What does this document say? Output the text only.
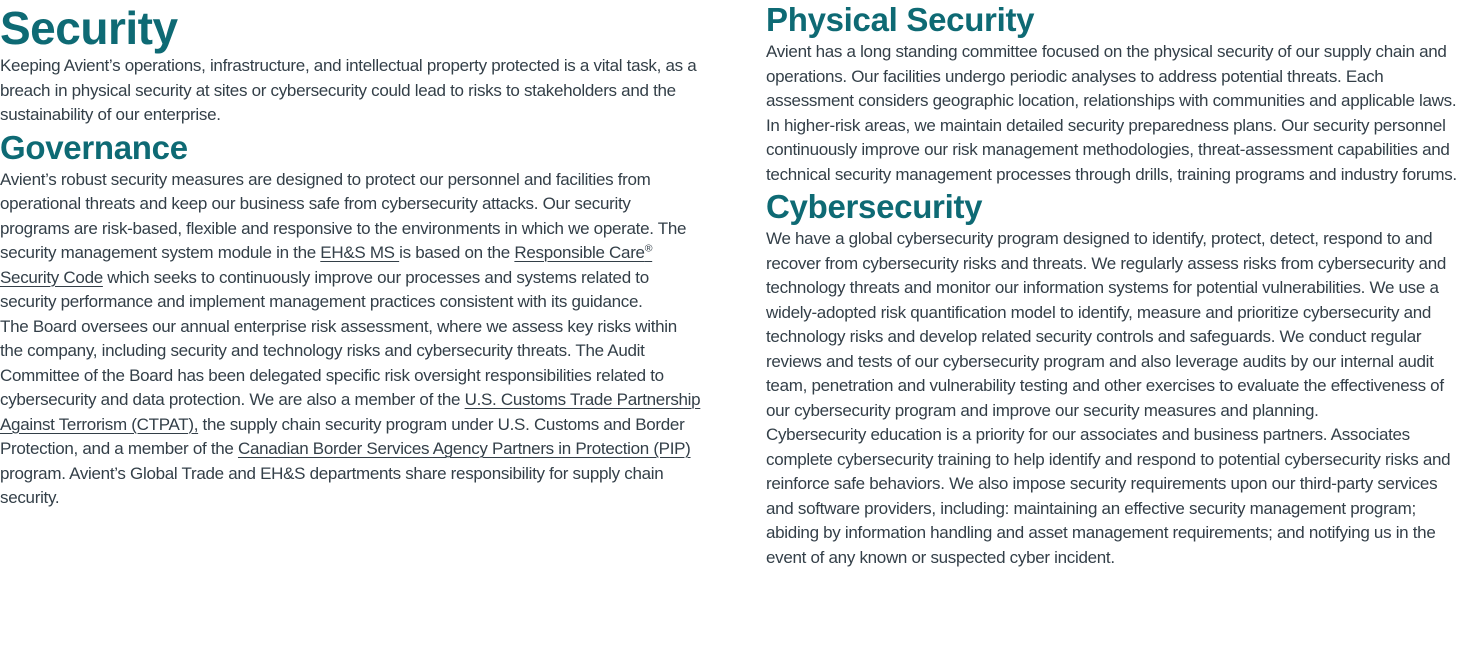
Security

Keeping Avient’s operations, infrastructure, and intellectual property protected is a vital task, as a breach in physical security at sites or cybersecurity could lead to risks to stakeholders and the sustainability of our enterprise.

Governance

Avient’s robust security measures are designed to protect our personnel and facilities from operational threats and keep our business safe from cybersecurity attacks. Our security programs are risk-based, flexible and responsive to the environments in which we operate. The security management system module in the EH&S MS is based on the Responsible Care® Security Code which seeks to continuously improve our processes and systems related to security performance and implement management practices consistent with its guidance.

The Board oversees our annual enterprise risk assessment, where we assess key risks within the company, including security and technology risks and cybersecurity threats. The Audit Committee of the Board has been delegated specific risk oversight responsibilities related to cybersecurity and data protection. We are also a member of the U.S. Customs Trade Partnership Against Terrorism (CTPAT), the supply chain security program under U.S. Customs and Border Protection, and a member of the Canadian Border Services Agency Partners in Protection (PIP) program. Avient’s Global Trade and EH&S departments share responsibility for supply chain security.

Physical Security

Avient has a long standing committee focused on the physical security of our supply chain and operations. Our facilities undergo periodic analyses to address potential threats. Each assessment considers geographic location, relationships with communities and applicable laws. In higher-risk areas, we maintain detailed security preparedness plans. Our security personnel continuously improve our risk management methodologies, threat-assessment capabilities and technical security management processes through drills, training programs and industry forums.

Cybersecurity

We have a global cybersecurity program designed to identify, protect, detect, respond to and recover from cybersecurity risks and threats. We regularly assess risks from cybersecurity and technology threats and monitor our information systems for potential vulnerabilities. We use a widely-adopted risk quantification model to identify, measure and prioritize cybersecurity and technology risks and develop related security controls and safeguards. We conduct regular reviews and tests of our cybersecurity program and also leverage audits by our internal audit team, penetration and vulnerability testing and other exercises to evaluate the effectiveness of our cybersecurity program and improve our security measures and planning.

Cybersecurity education is a priority for our associates and business partners. Associates complete cybersecurity training to help identify and respond to potential cybersecurity risks and reinforce safe behaviors. We also impose security requirements upon our third-party services and software providers, including: maintaining an effective security management program; abiding by information handling and asset management requirements; and notifying us in the event of any known or suspected cyber incident.
